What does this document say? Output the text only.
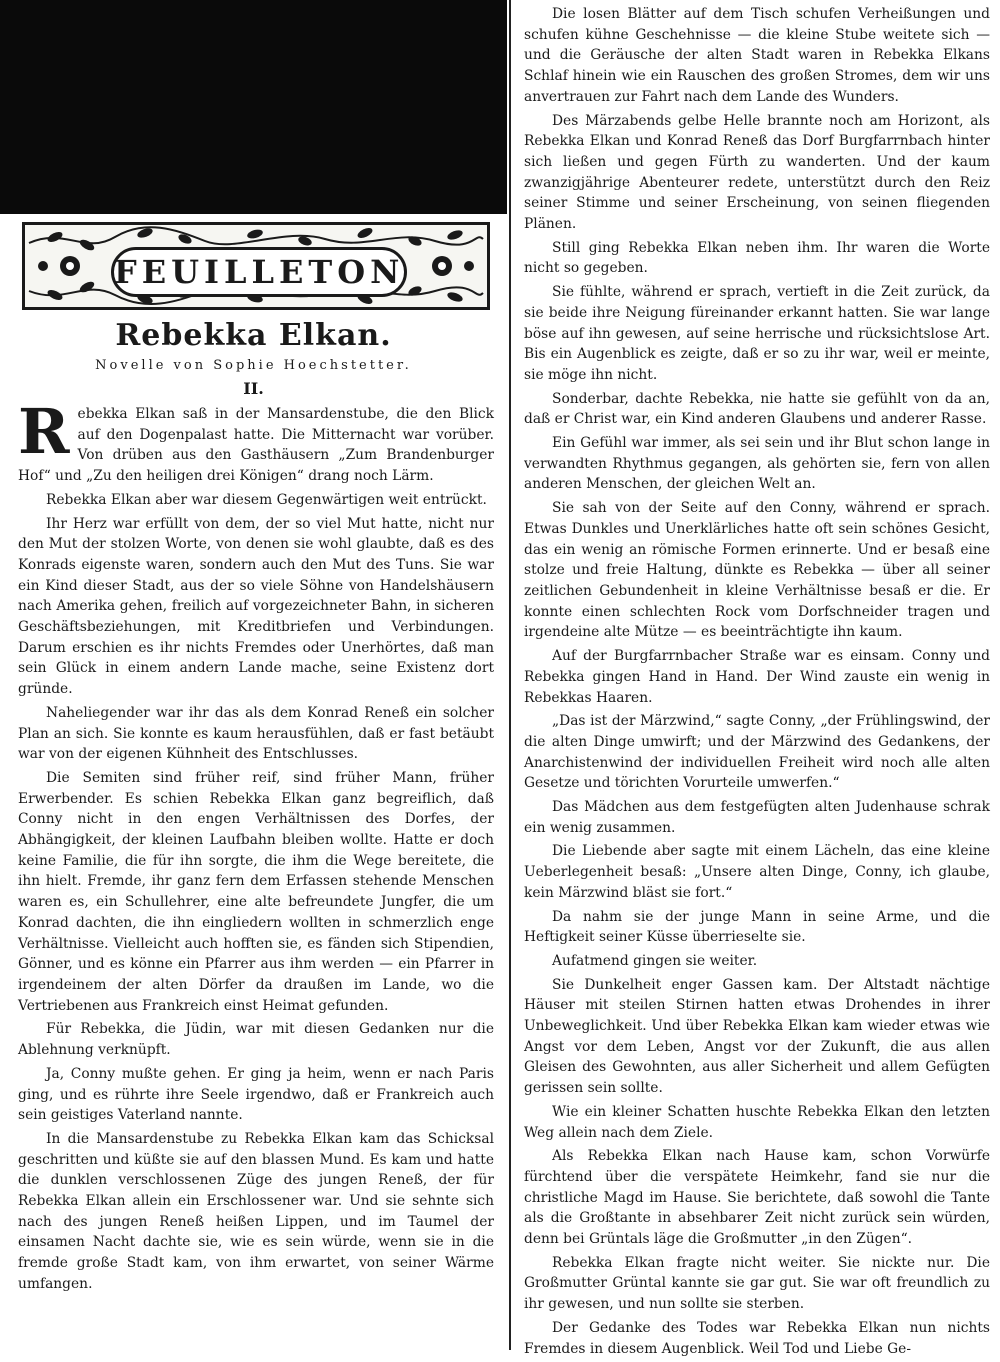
FEUILLETON
Rebekka Elkan.
Novelle von Sophie Hoechstetter.
II.

Rebekka Elkan saß in der Mansardenstube, die den Blick auf den Dogenpalast hatte. Die Mitternacht war vorüber. Von drüben aus den Gasthäusern „Zum Brandenburger Hof“ und „Zu den heiligen drei Königen“ drang noch Lärm.

Rebekka Elkan aber war diesem Gegenwärtigen weit entrückt.

Ihr Herz war erfüllt von dem, der so viel Mut hatte, nicht nur den Mut der stolzen Worte, von denen sie wohl glaubte, daß es des Konrads eigenste waren, sondern auch den Mut des Tuns. Sie war ein Kind dieser Stadt, aus der so viele Söhne von Handelshäusern nach Amerika gehen, freilich auf vorgezeichneter Bahn, in sicheren Geschäftsbeziehungen, mit Kreditbriefen und Verbindungen. Darum erschien es ihr nichts Fremdes oder Unerhörtes, daß man sein Glück in einem andern Lande mache, seine Existenz dort gründe.

Naheliegender war ihr das als dem Konrad Reneß ein solcher Plan an sich. Sie konnte es kaum herausfühlen, daß er fast betäubt war von der eigenen Kühnheit des Entschlusses.

Die Semiten sind früher reif, sind früher Mann, früher Erwerbender. Es schien Rebekka Elkan ganz begreiflich, daß Conny nicht in den engen Verhältnissen des Dorfes, der Abhängigkeit, der kleinen Laufbahn bleiben wollte. Hatte er doch keine Familie, die für ihn sorgte, die ihm die Wege bereitete, die ihn hielt. Fremde, ihr ganz fern dem Erfassen stehende Menschen waren es, ein Schullehrer, eine alte befreundete Jungfer, die um Konrad dachten, die ihn eingliedern wollten in schmerzlich enge Verhältnisse. Vielleicht auch hofften sie, es fänden sich Stipendien, Gönner, und es könne ein Pfarrer aus ihm werden — ein Pfarrer in irgendeinem der alten Dörfer da draußen im Lande, wo die Vertriebenen aus Frankreich einst Heimat gefunden.

Für Rebekka, die Jüdin, war mit diesen Gedanken nur die Ablehnung verknüpft.

Ja, Conny mußte gehen. Er ging ja heim, wenn er nach Paris ging, und es rührte ihre Seele irgendwo, daß er Frankreich auch sein geistiges Vaterland nannte.

In die Mansardenstube zu Rebekka Elkan kam das Schicksal geschritten und küßte sie auf den blassen Mund. Es kam und hatte die dunklen verschlossenen Züge des jungen Reneß, der für Rebekka Elkan allein ein Erschlossener war. Und sie sehnte sich nach des jungen Reneß heißen Lippen, und im Taumel der einsamen Nacht dachte sie, wie es sein würde, wenn sie in die fremde große Stadt kam, von ihm erwartet, von seiner Wärme umfangen.

Die losen Blätter auf dem Tisch schufen Verheißungen und schufen kühne Geschehnisse — die kleine Stube weitete sich — und die Geräusche der alten Stadt waren in Rebekka Elkans Schlaf hinein wie ein Rauschen des großen Stromes, dem wir uns anvertrauen zur Fahrt nach dem Lande des Wunders.

Des Märzabends gelbe Helle brannte noch am Horizont, als Rebekka Elkan und Konrad Reneß das Dorf Burgfarrnbach hinter sich ließen und gegen Fürth zu wanderten. Und der kaum zwanzigjährige Abenteurer redete, unterstützt durch den Reiz seiner Stimme und seiner Erscheinung, von seinen fliegenden Plänen.

Still ging Rebekka Elkan neben ihm. Ihr waren die Worte nicht so gegeben.

Sie fühlte, während er sprach, vertieft in die Zeit zurück, da sie beide ihre Neigung füreinander erkannt hatten. Sie war lange böse auf ihn gewesen, auf seine herrische und rücksichtslose Art. Bis ein Augenblick es zeigte, daß er so zu ihr war, weil er meinte, sie möge ihn nicht.

Sonderbar, dachte Rebekka, nie hatte sie gefühlt von da an, daß er Christ war, ein Kind anderen Glaubens und anderer Rasse.

Ein Gefühl war immer, als sei sein und ihr Blut schon lange in verwandten Rhythmus gegangen, als gehörten sie, fern von allen anderen Menschen, der gleichen Welt an.

Sie sah von der Seite auf den Conny, während er sprach. Etwas Dunkles und Unerklärliches hatte oft sein schönes Gesicht, das ein wenig an römische Formen erinnerte. Und er besaß eine stolze und freie Haltung, dünkte es Rebekka — über all seiner zeitlichen Gebundenheit in kleine Verhältnisse besaß er die. Er konnte einen schlechten Rock vom Dorfschneider tragen und irgendeine alte Mütze — es beeinträchtigte ihn kaum.

Auf der Burgfarrnbacher Straße war es einsam. Conny und Rebekka gingen Hand in Hand. Der Wind zauste ein wenig in Rebekkas Haaren.

„Das ist der Märzwind,“ sagte Conny, „der Frühlingswind, der die alten Dinge umwirft; und der Märzwind des Gedankens, der Anarchistenwind der individuellen Freiheit wird noch alle alten Gesetze und törichten Vorurteile umwerfen.“

Das Mädchen aus dem festgefügten alten Judenhause schrak ein wenig zusammen.

Die Liebende aber sagte mit einem Lächeln, das eine kleine Ueberlegenheit besaß: „Unsere alten Dinge, Conny, ich glaube, kein Märzwind bläst sie fort.“

Da nahm sie der junge Mann in seine Arme, und die Heftigkeit seiner Küsse überrieselte sie.

Aufatmend gingen sie weiter.

Sie Dunkelheit enger Gassen kam. Der Altstadt nächtige Häuser mit steilen Stirnen hatten etwas Drohendes in ihrer Unbeweglichkeit. Und über Rebekka Elkan kam wieder etwas wie Angst vor dem Leben, Angst vor der Zukunft, die aus allen Gleisen des Gewohnten, aus aller Sicherheit und allem Gefügten gerissen sein sollte.

Wie ein kleiner Schatten huschte Rebekka Elkan den letzten Weg allein nach dem Ziele.

Als Rebekka Elkan nach Hause kam, schon Vorwürfe fürchtend über die verspätete Heimkehr, fand sie nur die christliche Magd im Hause. Sie berichtete, daß sowohl die Tante als die Großtante in absehbarer Zeit nicht zurück sein würden, denn bei Grüntals läge die Großmutter „in den Zügen“.

Rebekka Elkan fragte nicht weiter. Sie nickte nur. Die Großmutter Grüntal kannte sie gar gut. Sie war oft freundlich zu ihr gewesen, und nun sollte sie sterben.

Der Gedanke des Todes war Rebekka Elkan nun nichts Fremdes in diesem Augenblick. Weil Tod und Liebe Ge-
